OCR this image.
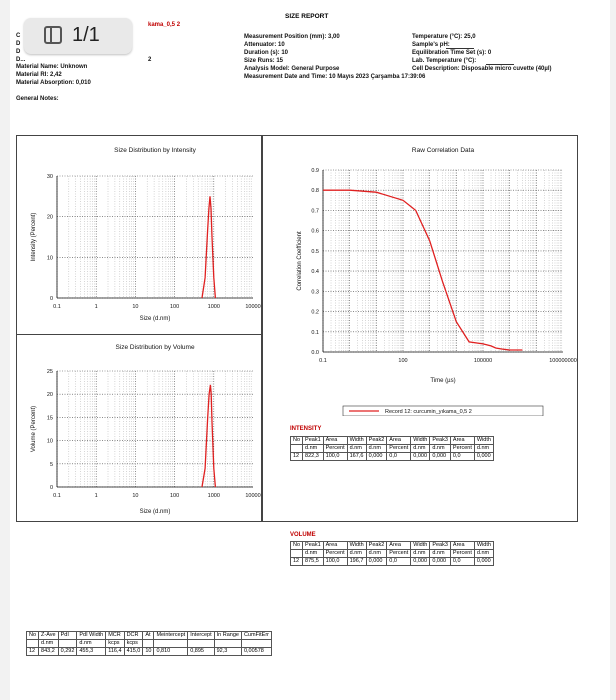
SIZE REPORT
kama_0,5 2
C
D
D
D...	2
Material Name: Unknown
Material RI: 2,42
Material Absorption: 0,010
General Notes:
Measurement Position (mm): 3,00
Attenuator: 10
Duration (s): 10
Size Runs: 15
Analysis Model: General Purpose
Measurement Date and Time: 10 Mayıs 2023 Çarşamba 17:39:06
Temperature (°C): 25,0
Sample's pH:
Equilibration Time Set (s): 0
Lab. Temperature (°C):
Cell Description: Disposable micro cuvette (40µl)
Size Distribution by Intensity
0
10
20
30
0.1	1	10	100	1000	10000
Size (d.nm)
Intensity (Percent)
Size Distribution by Volume
0
5
10
15
20
25
0.1	1	10	100	1000	10000
Size (d.nm)
Volume (Percent)
Raw Correlation Data
0.0
0.1
0.2
0.3
0.4
0.5
0.6
0.7
0.8
0.9
0.1	100	100000	100000000
Time (µs)
Correlation Coefficient
Record 12: curcumin_yıkama_0,5 2
INTENSITY
No	Peak1	Area	Width	Peak2	Area	Width	Peak3	Area	Width
	d.nm	Percent	d.nm	d.nm	Percent	d.nm	d.nm	Percent	d.nm
12	822,3	100,0	167,6	0,000	0,0	0,000	0,000	0,0	0,000
VOLUME
No	Peak1	Area	Width	Peak2	Area	Width	Peak3	Area	Width
	d.nm	Percent	d.nm	d.nm	Percent	d.nm	d.nm	Percent	d.nm
12	875,5	100,0	196,7	0,000	0,0	0,000	0,000	0,0	0,000
No	Z-Ave	PdI	PdI Width	MCR	DCR	At	Meintercept	Intercept	In Range	CumFitErr
	d.nm		d.nm	kcps	kcps					
12	843,2	0,292	455,3	116,4	415,0	10	0,810	0,895	92,3	0,00578
1/1
